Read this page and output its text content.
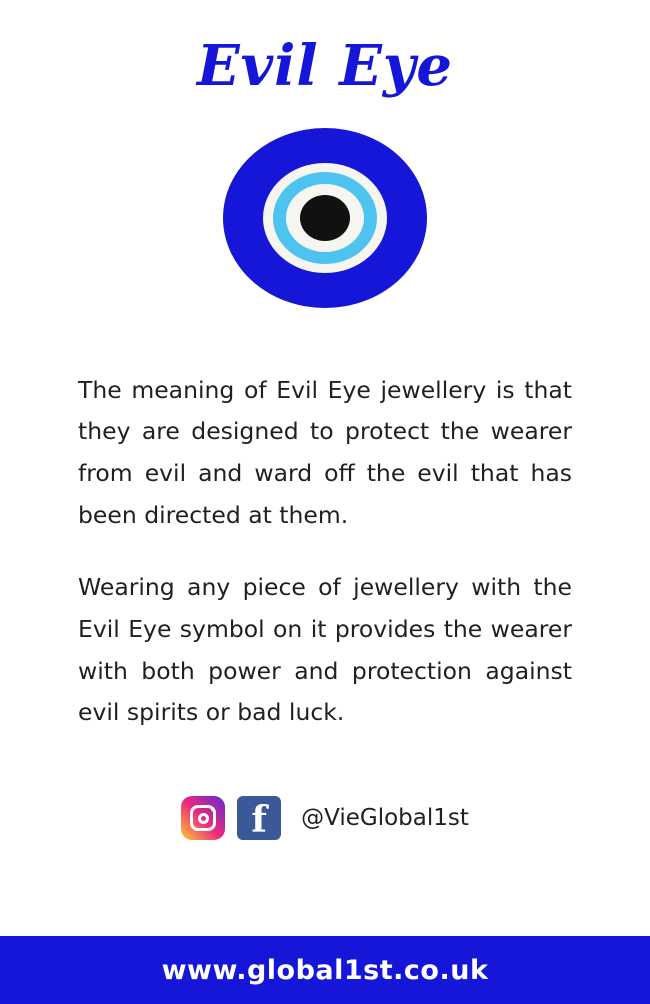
Evil Eye

The meaning of Evil Eye jewellery is that they are designed to protect the wearer from evil and ward off the evil that has been directed at them.

Wearing any piece of jewellery with the Evil Eye symbol on it provides the wearer with both power and protection against evil spirits or bad luck.

f	@VieGlobal1st
www.global1st.co.uk
